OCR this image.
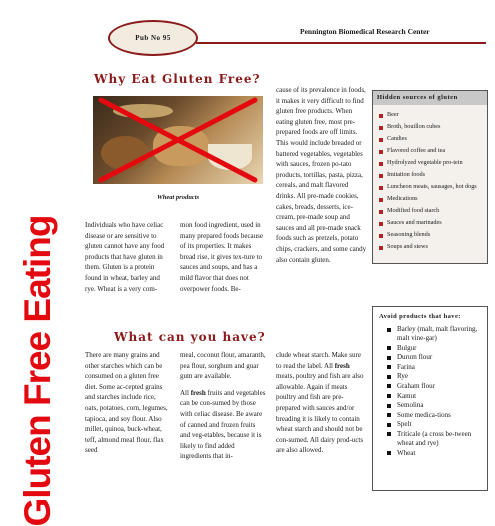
Pub No 95
Pennington Biomedical Research Center
Gluten Free Eating
Why Eat Gluten Free?
Wheat products

Individuals who have celiac disease or are sensitive to gluten cannot have any food products that have gluten in them. Gluten is a protein found in wheat, barley and rye. Wheat is a very com-

mon food ingredient, used in many prepared foods because of its properties. It makes bread rise, it gives tex-ture to sauces and soups, and has a mild flavor that does not overpower foods. Be-

cause of its prevalence in foods, it makes it very difficult to find gluten free products. When eating gluten free, most pre-prepared foods are off limits. This would include breaded or battered vegetables, vegetables with sauces, frozen po-tato products, tortillas, pasta, pizza, cereals, and malt flavored drinks. All pre-made cookies, cakes, breads, desserts, ice-cream, pre-made soup and sauces and all pre-made snack foods such as pretzels, potato chips, crackers, and some candy also contain gluten.

Hidden sources of gluten
Beer
Broth, bouillon cubes
Candies
Flavored coffee and tea
Hydrolyzed vegetable pro-tein
Imitation foods
Luncheon meats, sausages, hot dogs
Medications
Modified food starch
Sauces and marinades
Seasoning blends
Soups and stews
What can you have?

There are many grains and other starches which can be consumed on a gluten free diet. Some ac-cepted grains and starches include rice, oats, potatoes, corn, legumes, tapioca, and soy flour. Also millet, quinoa, buck-wheat, teff, almond meal flour, flax seed

meal, coconut flour, amaranth, pea flour, sorghum and guar gum are available.

All fresh fruits and vegetables can be con-sumed by those with celiac disease. Be aware of canned and frozen fruits and veg-etables, because it is likely to find added ingredients that in-

clude wheat starch. Make sure to read the label. All fresh meats, poultry and fish are also allowable. Again if meats poultry and fish are pre-prepared with sauces and/or breading it is likely to contain wheat starch and should not be con-sumed. All dairy prod-ucts are also allowed.

Avoid products that have:
Barley (malt, malt flavoring, malt vine-gar)
Bulgur
Durum flour
Farina
Rye
Graham flour
Kamut
Semolina
Some medica-tions
Spelt
Triticale (a cross be-tween wheat and rye)
Wheat
